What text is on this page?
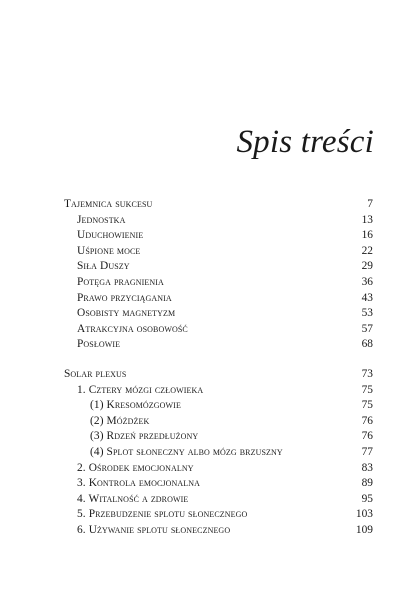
Spis treści
Tajemnica sukcesu	7
Jednostka	13
Uduchowienie	16
Uśpione moce	22
Siła Duszy	29
Potęga pragnienia	36
Prawo przyciągania	43
Osobisty magnetyzm	53
Atrakcyjna osobowość	57
Posłowie	68
Solar plexus	73
1. Cztery mózgi człowieka	75
(1) Kresomózgowie	75
(2) Móżdżek	76
(3) Rdzeń przedłużony	76
(4) Splot słoneczny albo mózg brzuszny	77
2. Ośrodek emocjonalny	83
3. Kontrola emocjonalna	89
4. Witalność a zdrowie	95
5. Przebudzenie splotu słonecznego	103
6. Używanie splotu słonecznego	109
